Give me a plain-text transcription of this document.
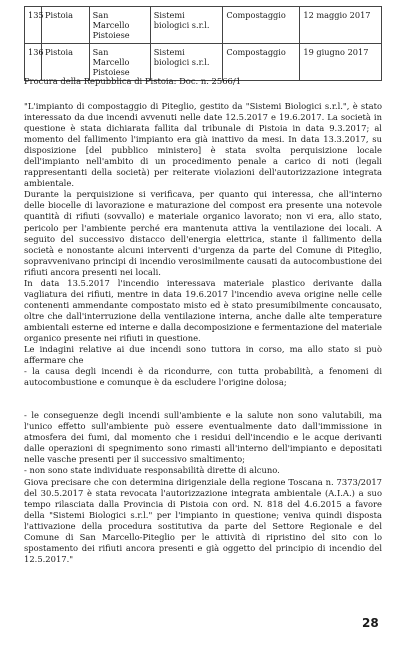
135	Pistoia	San Marcello Pistoiese	Sistemi biologici s.r.l.	Compostaggio	12 maggio 2017
136	Pistoia	San Marcello Pistoiese	Sistemi biologici s.r.l.	Compostaggio	19 giugno 2017
Procura della Repubblica di Pistoia: Doc. n. 2566/1

"L'impianto di compostaggio di Piteglio, gestito da "Sistemi Biologici s.r.l.", è stato interessato da due incendi avvenuti nelle date 12.5.2017 e 19.6.2017. La società in questione è stata dichiarata fallita dal tribunale di Pistoia in data 9.3.2017; al momento del fallimento l'impianto era già inattivo da mesi. In data 13.3.2017, su disposizione [del pubblico ministero] è stata svolta perquisizione locale dell'impianto nell'ambito di un procedimento penale a carico di noti (legali rappresentanti della società) per reiterate violazioni dell'autorizzazione integrata ambientale.

Durante la perquisizione si verificava, per quanto qui interessa, che all'interno delle biocelle di lavorazione e maturazione del compost era presente una notevole quantità di rifiuti (sovvallo) e materiale organico lavorato; non vi era, allo stato, pericolo per l'ambiente perché era mantenuta attiva la ventilazione dei locali. A seguito del successivo distacco dell'energia elettrica, stante il fallimento della società e nonostante alcuni interventi d'urgenza da parte del Comune di Piteglio, sopravvenivano principi di incendio verosimilmente causati da autocombustione dei rifiuti ancora presenti nei locali.

In data 13.5.2017 l'incendio interessava materiale plastico derivante dalla vagliatura dei rifiuti, mentre in data 19.6.2017 l'incendio aveva origine nelle celle contenenti ammendante compostato misto ed è stato presumibilmente concausato, oltre che dall'interruzione della ventilazione interna, anche dalle alte temperature ambientali esterne ed interne e dalla decomposizione e fermentazione del materiale organico presente nei rifiuti in questione.

Le indagini relative ai due incendi sono tuttora in corso, ma allo stato si può affermare che

- la causa degli incendi è da ricondurre, con tutta probabilità, a fenomeni di autocombustione e comunque è da escludere l'origine dolosa;

- le conseguenze degli incendi sull'ambiente e la salute non sono valutabili, ma l'unico effetto sull'ambiente può essere eventualmente dato dall'immissione in atmosfera dei fumi, dal momento che i residui dell'incendio e le acque derivanti dalle operazioni di spegnimento sono rimasti all'interno dell'impianto e depositati nelle vasche presenti per il successivo smaltimento;

- non sono state individuate responsabilità dirette di alcuno.

Giova precisare che con determina dirigenziale della regione Toscana n. 7373/2017 del 30.5.2017 è stata revocata l'autorizzazione integrata ambientale (A.I.A.) a suo tempo rilasciata dalla Provincia di Pistoia con ord. N. 818 del 4.6.2015 a favore della "Sistemi Biologici s.r.l." per l'impianto in questione; veniva quindi disposta l'attivazione della procedura sostitutiva da parte del Settore Regionale e del Comune di San Marcello-Piteglio per le attività di ripristino del sito con lo spostamento dei rifiuti ancora presenti e già oggetto del principio di incendio del 12.5.2017."

28
